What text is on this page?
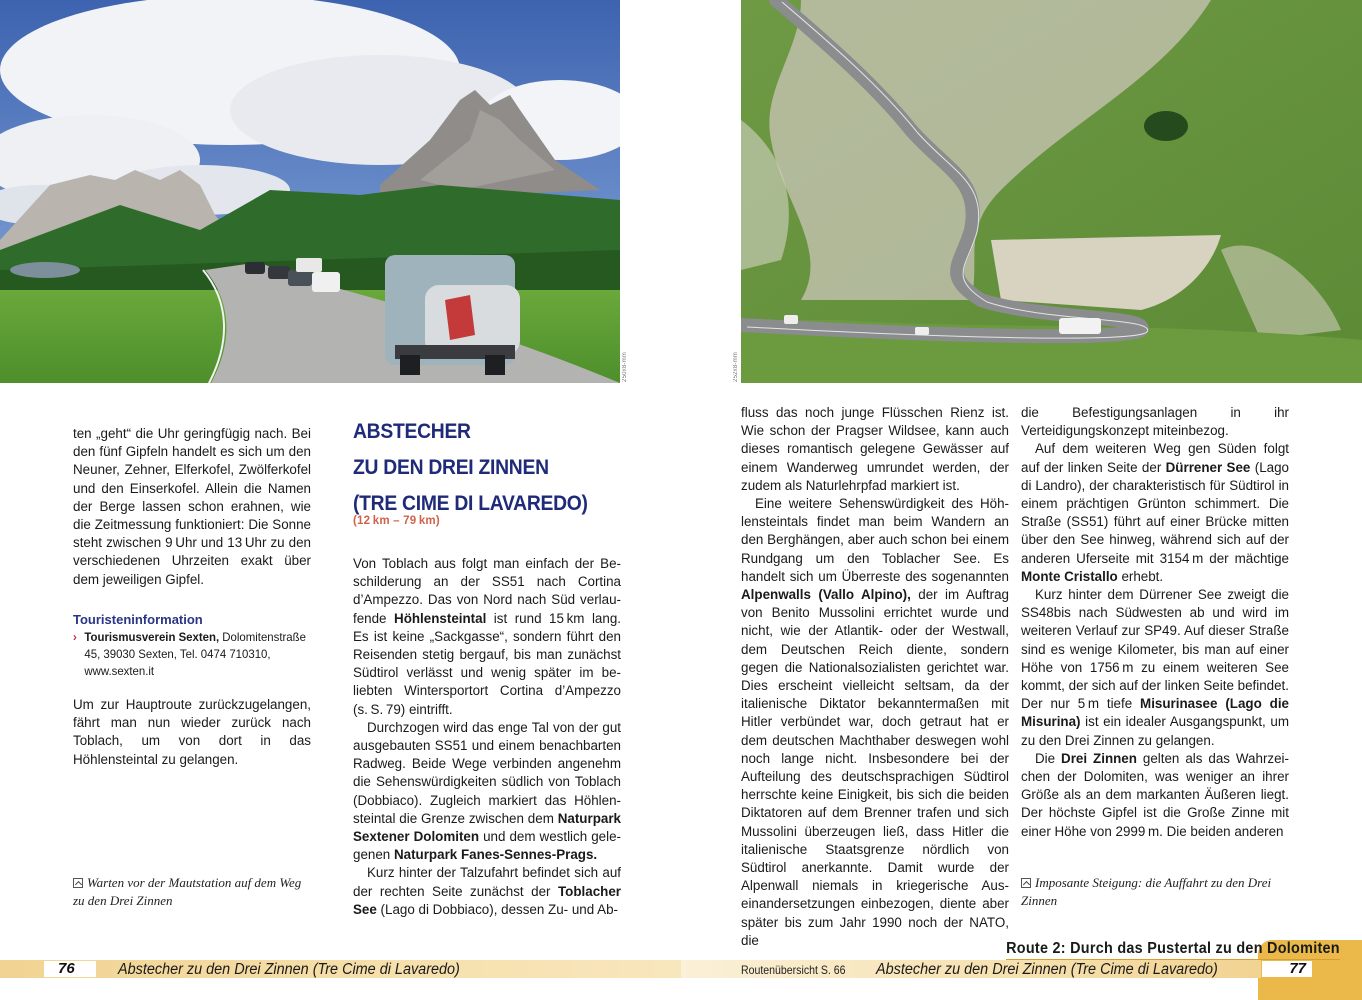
250x8-mm	252x8-mm

ten „geht“ die Uhr geringfügig nach. Bei den fünf Gipfeln handelt es sich um den Neuner, Zehner, Elferkofel, Zwölferkofel und den Einserkofel. Allein die Namen der Berge lassen schon erahnen, wie die Zeitmessung funktioniert: Die Sonne steht zwischen 9 Uhr und 13 Uhr zu den verschiedenen Uhrzeiten exakt über dem jeweiligen Gipfel.

Touristeninformation
› Tourismusverein Sexten, Dolomitenstraße 45, 39030 Sexten, Tel. 0474 710310, www.sexten.it

Um zur Hauptroute zurückzugelangen, fährt man nun wieder zurück nach Toblach, um von dort in das Höhlensteintal zu gelangen.

ABSTECHER
ZU DEN DREI ZINNEN
(TRE CIME DI LAVAREDO)
(12 km – 79 km)

Von Toblach aus folgt man einfach der Beschilderung an der SS51 nach Cortina d’Ampezzo. Das von Nord nach Süd verlaufende Höhlensteintal ist rund 15 km lang. Es ist keine „Sackgasse“, sondern führt den Reisenden stetig bergauf, bis man zunächst Südtirol verlässt und wenig später im beliebten Wintersportort Cortina d’Ampezzo (s. S. 79) eintrifft.

Durchzogen wird das enge Tal von der gut ausgebauten SS51 und einem benachbarten Radweg. Beide Wege verbinden angenehm die Sehenswürdigkeiten südlich von Toblach (Dobbiaco). Zugleich markiert das Höhlensteintal die Grenze zwischen dem Naturpark Sextener Dolomiten und dem westlich gelegenen Naturpark Fanes-Sennes-Prags.

Kurz hinter der Talzufahrt befindet sich auf der rechten Seite zunächst der Toblacher See (Lago di Dobbiaco), dessen Zu- und Ab-

fluss das noch junge Flüsschen Rienz ist. Wie schon der Pragser Wildsee, kann auch dieses romantisch gelegene Gewässer auf einem Wanderweg umrundet werden, der zudem als Naturlehrpfad markiert ist.

Eine weitere Sehenswürdigkeit des Höhlensteintals findet man beim Wandern an den Berghängen, aber auch schon bei einem Rundgang um den Toblacher See. Es handelt sich um Überreste des sogenannten Alpenwalls (Vallo Alpino), der im Auftrag von Benito Mussolini errichtet wurde und nicht, wie der Atlantik- oder der Westwall, dem Deutschen Reich diente, sondern gegen die Nationalsozialisten gerichtet war. Dies erscheint vielleicht seltsam, da der italienische Diktator bekanntermaßen mit Hitler verbündet war, doch getraut hat er dem deutschen Machthaber deswegen wohl noch lange nicht. Insbesondere bei der Aufteilung des deutschsprachigen Südtirol herrschte keine Einigkeit, bis sich die beiden Diktatoren auf dem Brenner trafen und sich Mussolini überzeugen ließ, dass Hitler die italienische Staatsgrenze nördlich von Südtirol anerkannte. Damit wurde der Alpenwall niemals in kriegerische Auseinandersetzungen einbezogen, diente aber später bis zum Jahr 1990 noch der NATO, die

die Befestigungsanlagen in ihr Verteidigungskonzept miteinbezog.

Auf dem weiteren Weg gen Süden folgt auf der linken Seite der Dürrener See (Lago di Landro), der charakteristisch für Südtirol in einem prächtigen Grünton schimmert. Die Straße (SS51) führt auf einer Brücke mitten über den See hinweg, während sich auf der anderen Uferseite mit 3154 m der mächtige Monte Cristallo erhebt.

Kurz hinter dem Dürrener See zweigt die SS48bis nach Südwesten ab und wird im weiteren Verlauf zur SP49. Auf dieser Straße sind es wenige Kilometer, bis man auf einer Höhe von 1756 m zu einem weiteren See kommt, der sich auf der linken Seite befindet. Der nur 5 m tiefe Misurinasee (Lago die Misurina) ist ein idealer Ausgangspunkt, um zu den Drei Zinnen zu gelangen.

Die Drei Zinnen gelten als das Wahrzeichen der Dolomiten, was weniger an ihrer Größe als an dem markanten Äußeren liegt. Der höchste Gipfel ist die Große Zinne mit einer Höhe von 2999 m. Die beiden anderen

Warten vor der Mautstation auf dem Weg zu den Drei Zinnen
Imposante Steigung: die Auffahrt zu den Drei Zinnen
76	Abstecher zu den Drei Zinnen (Tre Cime di Lavaredo)	Routenübersicht S. 66 Abstecher zu den Drei Zinnen (Tre Cime di Lavaredo)	77
Route 2: Durch das Pustertal zu den Dolomiten
